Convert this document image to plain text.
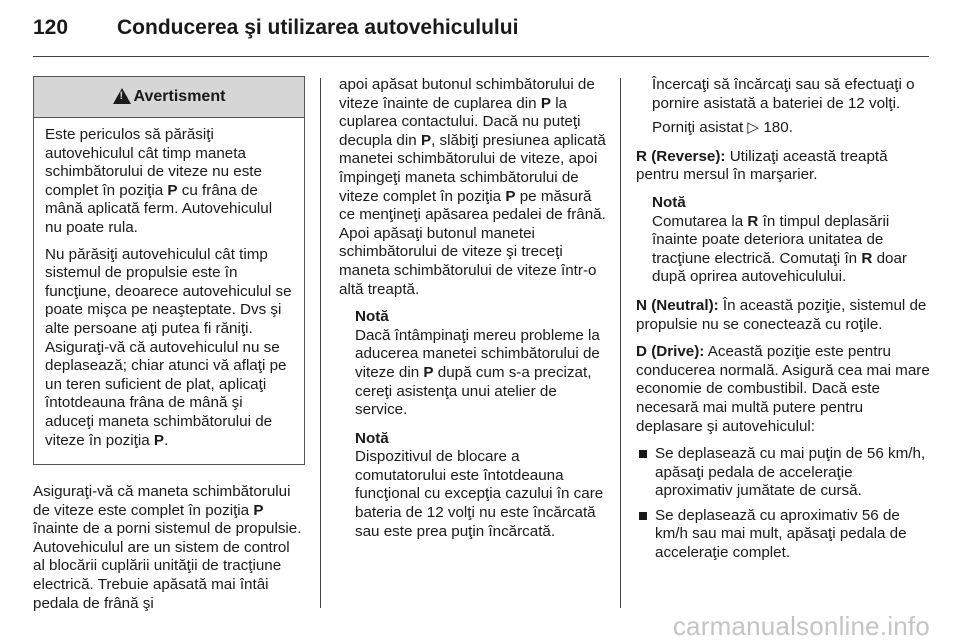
120 Conducerea şi utilizarea autovehiculului
!
Avertisment

Este periculos să părăsiţi autovehiculul cât timp maneta schimbătorului de viteze nu este complet în poziţia P cu frâna de mână aplicată ferm. Autovehiculul nu poate rula.

Nu părăsiţi autovehiculul cât timp sistemul de propulsie este în funcţiune, deoarece autovehiculul se poate mişca pe neaşteptate. Dvs şi alte persoane aţi putea fi răniţi. Asiguraţi-vă că autovehiculul nu se deplasează; chiar atunci vă aflaţi pe un teren suficient de plat, aplicaţi întotdeauna frâna de mână şi aduceţi maneta schimbătorului de viteze în poziţia P.

Asiguraţi-vă că maneta schimbătorului de viteze este complet în poziţia P înainte de a porni sistemul de propulsie. Autovehiculul are un sistem de control al blocării cuplării unităţii de tracţiune electrică. Trebuie apăsată mai întâi pedala de frână şi

apoi apăsat butonul schimbătorului de viteze înainte de cuplarea din P la cuplarea contactului. Dacă nu puteţi decupla din P, slăbiţi presiunea aplicată manetei schimbătorului de viteze, apoi împingeţi maneta schimbătorului de viteze complet în poziţia P pe măsură ce menţineţi apăsarea pedalei de frână. Apoi apăsaţi butonul manetei schimbătorului de viteze şi treceţi maneta schimbătorului de viteze într-o altă treaptă.

Notă
Dacă întâmpinaţi mereu probleme la aducerea manetei schimbătorului de viteze din P după cum s-a precizat, cereţi asistenţa unui atelier de service.
Notă
Dispozitivul de blocare a comutatorului este întotdeauna funcţional cu excepţia cazului în care bateria de 12 volţi nu este încărcată sau este prea puţin încărcată.
Încercaţi să încărcaţi sau să efectuaţi o pornire asistată a bateriei de 12 volţi.
Porniţi asistat ▷ 180.

R (Reverse): Utilizaţi această treaptă pentru mersul în marşarier.

Notă
Comutarea la R în timpul deplasării înainte poate deteriora unitatea de tracţiune electrică. Comutaţi în R doar după oprirea autovehiculului.

N (Neutral): În această poziţie, sistemul de propulsie nu se conectează cu roţile.

D (Drive): Această poziţie este pentru conducerea normală. Asigură cea mai mare economie de combustibil. Dacă este necesară mai multă putere pentru deplasare şi autovehiculul:

Se deplasează cu mai puţin de 56 km/h, apăsaţi pedala de acceleraţie aproximativ jumătate de cursă.
Se deplasează cu aproximativ 56 de km/h sau mai mult, apăsaţi pedala de acceleraţie complet.
carmanualsonline.info
